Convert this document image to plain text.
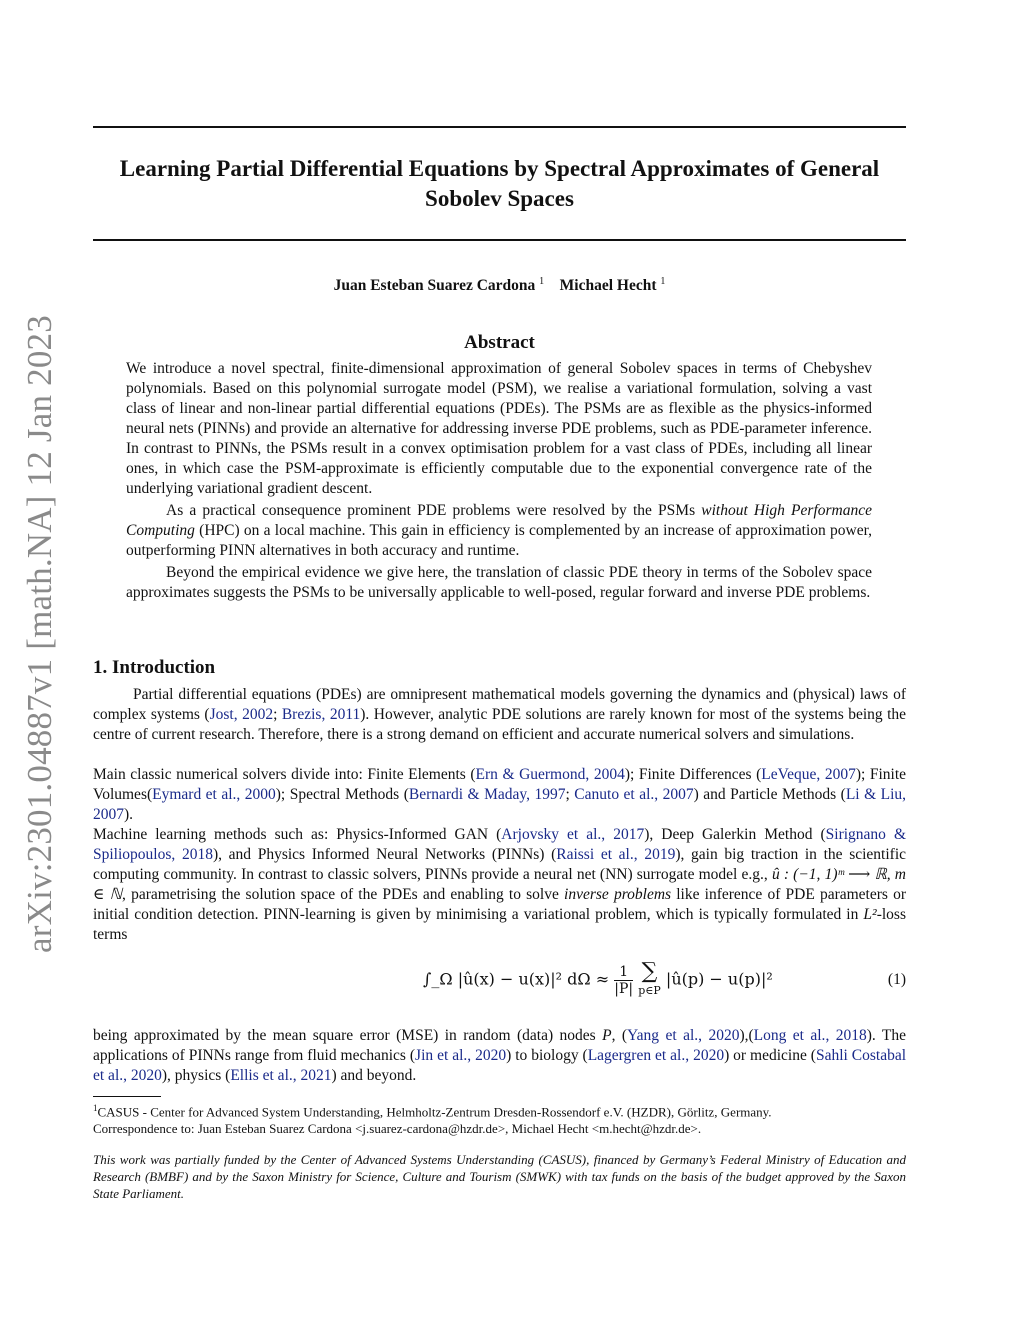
arXiv:2301.04887v1 [math.NA] 12 Jan 2023
Learning Partial Differential Equations by Spectral Approximates of General
Sobolev Spaces
Juan Esteban Suarez Cardona $^1$ Michael Hecht $^1$
Abstract

We introduce a novel spectral, finite-dimensional approximation of general Sobolev spaces in terms of Chebyshev polynomials. Based on this polynomial surrogate model (PSM), we realise a variational formulation, solving a vast class of linear and non-linear partial differential equations (PDEs). The PSMs are as flexible as the physics-informed neural nets (PINNs) and provide an alternative for addressing inverse PDE problems, such as PDE-parameter inference. In contrast to PINNs, the PSMs result in a convex optimisation problem for a vast class of PDEs, including all linear ones, in which case the PSM-approximate is efficiently computable due to the exponential convergence rate of the underlying variational gradient descent.

As a practical consequence prominent PDE problems were resolved by the PSMs without High Performance Computing (HPC) on a local machine. This gain in efficiency is complemented by an increase of approximation power, outperforming PINN alternatives in both accuracy and runtime.

Beyond the empirical evidence we give here, the translation of classic PDE theory in terms of the Sobolev space approximates suggests the PSMs to be universally applicable to well-posed, regular forward and inverse PDE problems.

1. Introduction

Partial differential equations (PDEs) are omnipresent mathematical models governing the dynamics and (physical) laws of complex systems (Jost, 2002; Brezis, 2011). However, analytic PDE solutions are rarely known for most of the systems being the centre of current research. Therefore, there is a strong demand on efficient and accurate numerical solvers and simulations.

Main classic numerical solvers divide into: Finite Elements (Ern & Guermond, 2004); Finite Differences (LeVeque, 2007); Finite Volumes(Eymard et al., 2000); Spectral Methods (Bernardi & Maday, 1997; Canuto et al., 2007) and Particle Methods (Li & Liu, 2007).

Machine learning methods such as: Physics-Informed GAN (Arjovsky et al., 2017), Deep Galerkin Method (Sirignano & Spiliopoulos, 2018), and Physics Informed Neural Networks (PINNs) (Raissi et al., 2019), gain big traction in the scientific computing community. In contrast to classic solvers, PINNs provide a neural net (NN) surrogate model e.g., û : (−1, 1)ᵐ ⟶ ℝ, m ∈ ℕ, parametrising the solution space of the PDEs and enabling to solve inverse problems like inference of PDE parameters or initial condition detection. PINN-learning is given by minimising a variational problem, which is typically formulated in L²-loss terms

∫_Ω |û(x) − u(x)|² $d\Omega \approx \frac{1}{|P|}$
∑
p∈P
|û(p) − u(p)|²	(1)

being approximated by the mean square error (MSE) in random (data) nodes P, (Yang et al., 2020),(Long et al., 2018). The applications of PINNs range from fluid mechanics (Jin et al., 2020) to biology (Lagergren et al., 2020) or medicine (Sahli Costabal et al., 2020), physics (Ellis et al., 2021) and beyond.

$^1$CASUS - Center for Advanced System Understanding, Helmholtz-Zentrum Dresden-Rossendorf e.V. (HZDR), Görlitz, Germany.
Correspondence to: Juan Esteban Suarez Cardona <j.suarez-cardona@hzdr.de>, Michael Hecht <m.hecht@hzdr.de>.

This work was partially funded by the Center of Advanced Systems Understanding (CASUS), financed by Germany’s Federal Ministry of Education and Research (BMBF) and by the Saxon Ministry for Science, Culture and Tourism (SMWK) with tax funds on the basis of the budget approved by the Saxon State Parliament.
